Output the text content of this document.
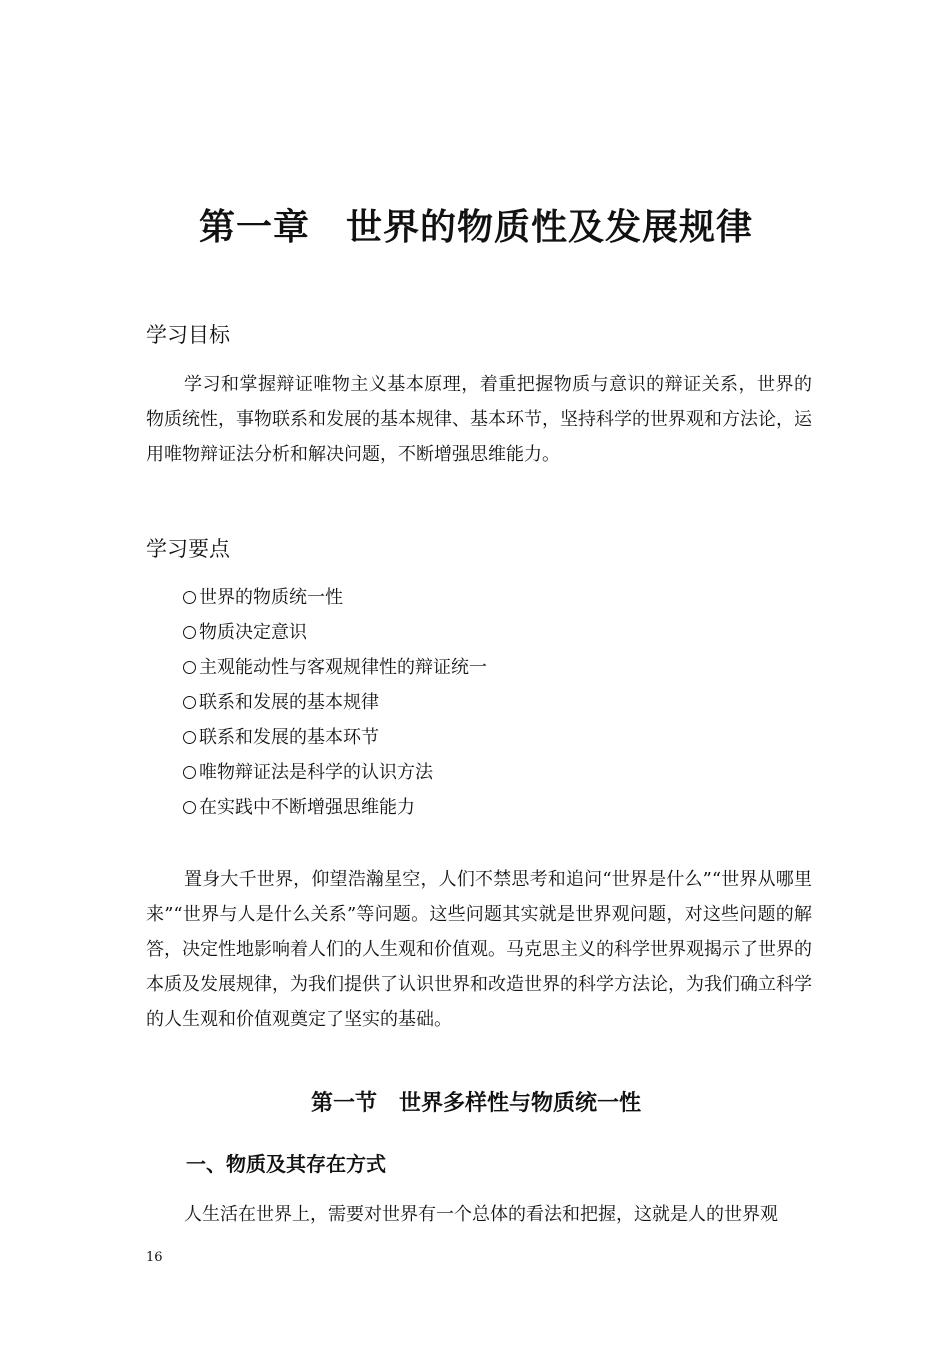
第一章 世界的物质性及发展规律
学习目标

学习和掌握辩证唯物主义基本原理，着重把握物质与意识的辩证关系，世界的物质统性，事物联系和发展的基本规律、基本环节，坚持科学的世界观和方法论，运用唯物辩证法分析和解决问题，不断增强思维能力。

学习要点
世界的物质统一性
物质决定意识
主观能动性与客观规律性的辩证统一
联系和发展的基本规律
联系和发展的基本环节
唯物辩证法是科学的认识方法
在实践中不断增强思维能力

置身大千世界，仰望浩瀚星空，人们不禁思考和追问“世界是什么”“世界从哪里来”“世界与人是什么关系”等问题。这些问题其实就是世界观问题，对这些问题的解答，决定性地影响着人们的人生观和价值观。马克思主义的科学世界观揭示了世界的本质及发展规律，为我们提供了认识世界和改造世界的科学方法论，为我们确立科学的人生观和价值观奠定了坚实的基础。

第一节 世界多样性与物质统一性
一、物质及其存在方式

人生活在世界上，需要对世界有一个总体的看法和把握，这就是人的世界观

16
